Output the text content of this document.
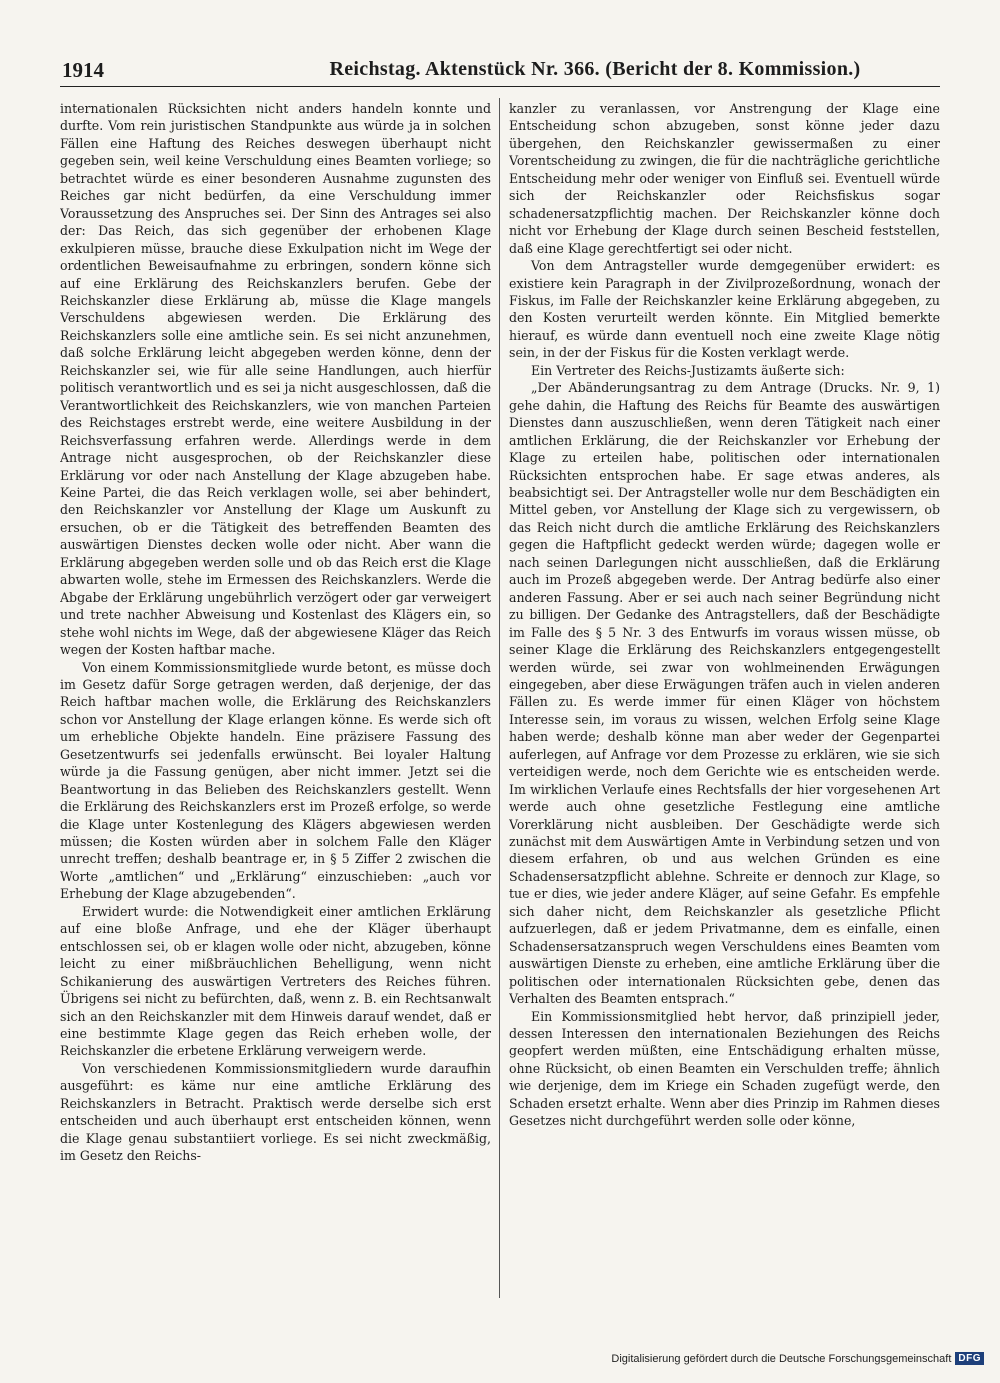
1914	Reichstag. Aktenstück Nr. 366. (Bericht der 8. Kommission.)

internationalen Rücksichten nicht anders handeln konnte und durfte. Vom rein juristischen Standpunkte aus würde ja in solchen Fällen eine Haftung des Reiches deswegen überhaupt nicht gegeben sein, weil keine Verschuldung eines Beamten vorliege; so betrachtet würde es einer besonderen Ausnahme zugunsten des Reiches gar nicht bedürfen, da eine Verschuldung immer Voraussetzung des Anspruches sei. Der Sinn des Antrages sei also der: Das Reich, das sich gegenüber der erhobenen Klage exkulpieren müsse, brauche diese Exkulpation nicht im Wege der ordentlichen Beweisaufnahme zu erbringen, sondern könne sich auf eine Erklärung des Reichskanzlers berufen. Gebe der Reichskanzler diese Erklärung ab, müsse die Klage mangels Verschuldens abgewiesen werden. Die Erklärung des Reichskanzlers solle eine amtliche sein. Es sei nicht anzunehmen, daß solche Erklärung leicht abgegeben werden könne, denn der Reichskanzler sei, wie für alle seine Handlungen, auch hierfür politisch verantwortlich und es sei ja nicht ausgeschlossen, daß die Verantwortlichkeit des Reichskanzlers, wie von manchen Parteien des Reichstages erstrebt werde, eine weitere Ausbildung in der Reichsverfassung erfahren werde. Allerdings werde in dem Antrage nicht ausgesprochen, ob der Reichskanzler diese Erklärung vor oder nach Anstellung der Klage abzugeben habe. Keine Partei, die das Reich verklagen wolle, sei aber behindert, den Reichskanzler vor Anstellung der Klage um Auskunft zu ersuchen, ob er die Tätigkeit des betreffenden Beamten des auswärtigen Dienstes decken wolle oder nicht. Aber wann die Erklärung abgegeben werden solle und ob das Reich erst die Klage abwarten wolle, stehe im Ermessen des Reichskanzlers. Werde die Abgabe der Erklärung ungebührlich verzögert oder gar verweigert und trete nachher Abweisung und Kostenlast des Klägers ein, so stehe wohl nichts im Wege, daß der abgewiesene Kläger das Reich wegen der Kosten haftbar mache.

Von einem Kommissionsmitgliede wurde betont, es müsse doch im Gesetz dafür Sorge getragen werden, daß derjenige, der das Reich haftbar machen wolle, die Erklärung des Reichskanzlers schon vor Anstellung der Klage erlangen könne. Es werde sich oft um erhebliche Objekte handeln. Eine präzisere Fassung des Gesetzentwurfs sei jedenfalls erwünscht. Bei loyaler Haltung würde ja die Fassung genügen, aber nicht immer. Jetzt sei die Beantwortung in das Belieben des Reichskanzlers gestellt. Wenn die Erklärung des Reichskanzlers erst im Prozeß erfolge, so werde die Klage unter Kostenlegung des Klägers abgewiesen werden müssen; die Kosten würden aber in solchem Falle den Kläger unrecht treffen; deshalb beantrage er, in § 5 Ziffer 2 zwischen die Worte „amtlichen“ und „Erklärung“ einzuschieben: „auch vor Erhebung der Klage abzugebenden“.

Erwidert wurde: die Notwendigkeit einer amtlichen Erklärung auf eine bloße Anfrage, und ehe der Kläger überhaupt entschlossen sei, ob er klagen wolle oder nicht, abzugeben, könne leicht zu einer mißbräuchlichen Behelligung, wenn nicht Schikanierung des auswärtigen Vertreters des Reiches führen. Übrigens sei nicht zu befürchten, daß, wenn z. B. ein Rechtsanwalt sich an den Reichskanzler mit dem Hinweis darauf wendet, daß er eine bestimmte Klage gegen das Reich erheben wolle, der Reichskanzler die erbetene Erklärung verweigern werde.

Von verschiedenen Kommissionsmitgliedern wurde daraufhin ausgeführt: es käme nur eine amtliche Erklärung des Reichskanzlers in Betracht. Praktisch werde derselbe sich erst entscheiden und auch überhaupt erst entscheiden können, wenn die Klage genau substantiiert vorliege. Es sei nicht zweckmäßig, im Gesetz den Reichs-

kanzler zu veranlassen, vor Anstrengung der Klage eine Entscheidung schon abzugeben, sonst könne jeder dazu übergehen, den Reichskanzler gewissermaßen zu einer Vorentscheidung zu zwingen, die für die nachträgliche gerichtliche Entscheidung mehr oder weniger von Einfluß sei. Eventuell würde sich der Reichskanzler oder Reichsfiskus sogar schadenersatzpflichtig machen. Der Reichskanzler könne doch nicht vor Erhebung der Klage durch seinen Bescheid feststellen, daß eine Klage gerechtfertigt sei oder nicht.

Von dem Antragsteller wurde demgegenüber erwidert: es existiere kein Paragraph in der Zivilprozeßordnung, wonach der Fiskus, im Falle der Reichskanzler keine Erklärung abgegeben, zu den Kosten verurteilt werden könnte. Ein Mitglied bemerkte hierauf, es würde dann eventuell noch eine zweite Klage nötig sein, in der der Fiskus für die Kosten verklagt werde.

Ein Vertreter des Reichs-Justizamts äußerte sich:

„Der Abänderungsantrag zu dem Antrage (Drucks. Nr. 9, 1) gehe dahin, die Haftung des Reichs für Beamte des auswärtigen Dienstes dann auszuschließen, wenn deren Tätigkeit nach einer amtlichen Erklärung, die der Reichskanzler vor Erhebung der Klage zu erteilen habe, politischen oder internationalen Rücksichten entsprochen habe. Er sage etwas anderes, als beabsichtigt sei. Der Antragsteller wolle nur dem Beschädigten ein Mittel geben, vor Anstellung der Klage sich zu vergewissern, ob das Reich nicht durch die amtliche Erklärung des Reichskanzlers gegen die Haftpflicht gedeckt werden würde; dagegen wolle er nach seinen Darlegungen nicht ausschließen, daß die Erklärung auch im Prozeß abgegeben werde. Der Antrag bedürfe also einer anderen Fassung. Aber er sei auch nach seiner Begründung nicht zu billigen. Der Gedanke des Antragstellers, daß der Beschädigte im Falle des § 5 Nr. 3 des Entwurfs im voraus wissen müsse, ob seiner Klage die Erklärung des Reichskanzlers entgegengestellt werden würde, sei zwar von wohlmeinenden Erwägungen eingegeben, aber diese Erwägungen träfen auch in vielen anderen Fällen zu. Es werde immer für einen Kläger von höchstem Interesse sein, im voraus zu wissen, welchen Erfolg seine Klage haben werde; deshalb könne man aber weder der Gegenpartei auferlegen, auf Anfrage vor dem Prozesse zu erklären, wie sie sich verteidigen werde, noch dem Gerichte wie es entscheiden werde. Im wirklichen Verlaufe eines Rechtsfalls der hier vorgesehenen Art werde auch ohne gesetzliche Festlegung eine amtliche Vorerklärung nicht ausbleiben. Der Geschädigte werde sich zunächst mit dem Auswärtigen Amte in Verbindung setzen und von diesem erfahren, ob und aus welchen Gründen es eine Schadensersatzpflicht ablehne. Schreite er dennoch zur Klage, so tue er dies, wie jeder andere Kläger, auf seine Gefahr. Es empfehle sich daher nicht, dem Reichskanzler als gesetzliche Pflicht aufzuerlegen, daß er jedem Privatmanne, dem es einfalle, einen Schadensersatzanspruch wegen Verschuldens eines Beamten vom auswärtigen Dienste zu erheben, eine amtliche Erklärung über die politischen oder internationalen Rücksichten gebe, denen das Verhalten des Beamten entsprach.“

Ein Kommissionsmitglied hebt hervor, daß prinzipiell jeder, dessen Interessen den internationalen Beziehungen des Reichs geopfert werden müßten, eine Entschädigung erhalten müsse, ohne Rücksicht, ob einen Beamten ein Verschulden treffe; ähnlich wie derjenige, dem im Kriege ein Schaden zugefügt werde, den Schaden ersetzt erhalte. Wenn aber dies Prinzip im Rahmen dieses Gesetzes nicht durchgeführt werden solle oder könne,

Digitalisierung gefördert durch die Deutsche Forschungsgemeinschaft DFG
